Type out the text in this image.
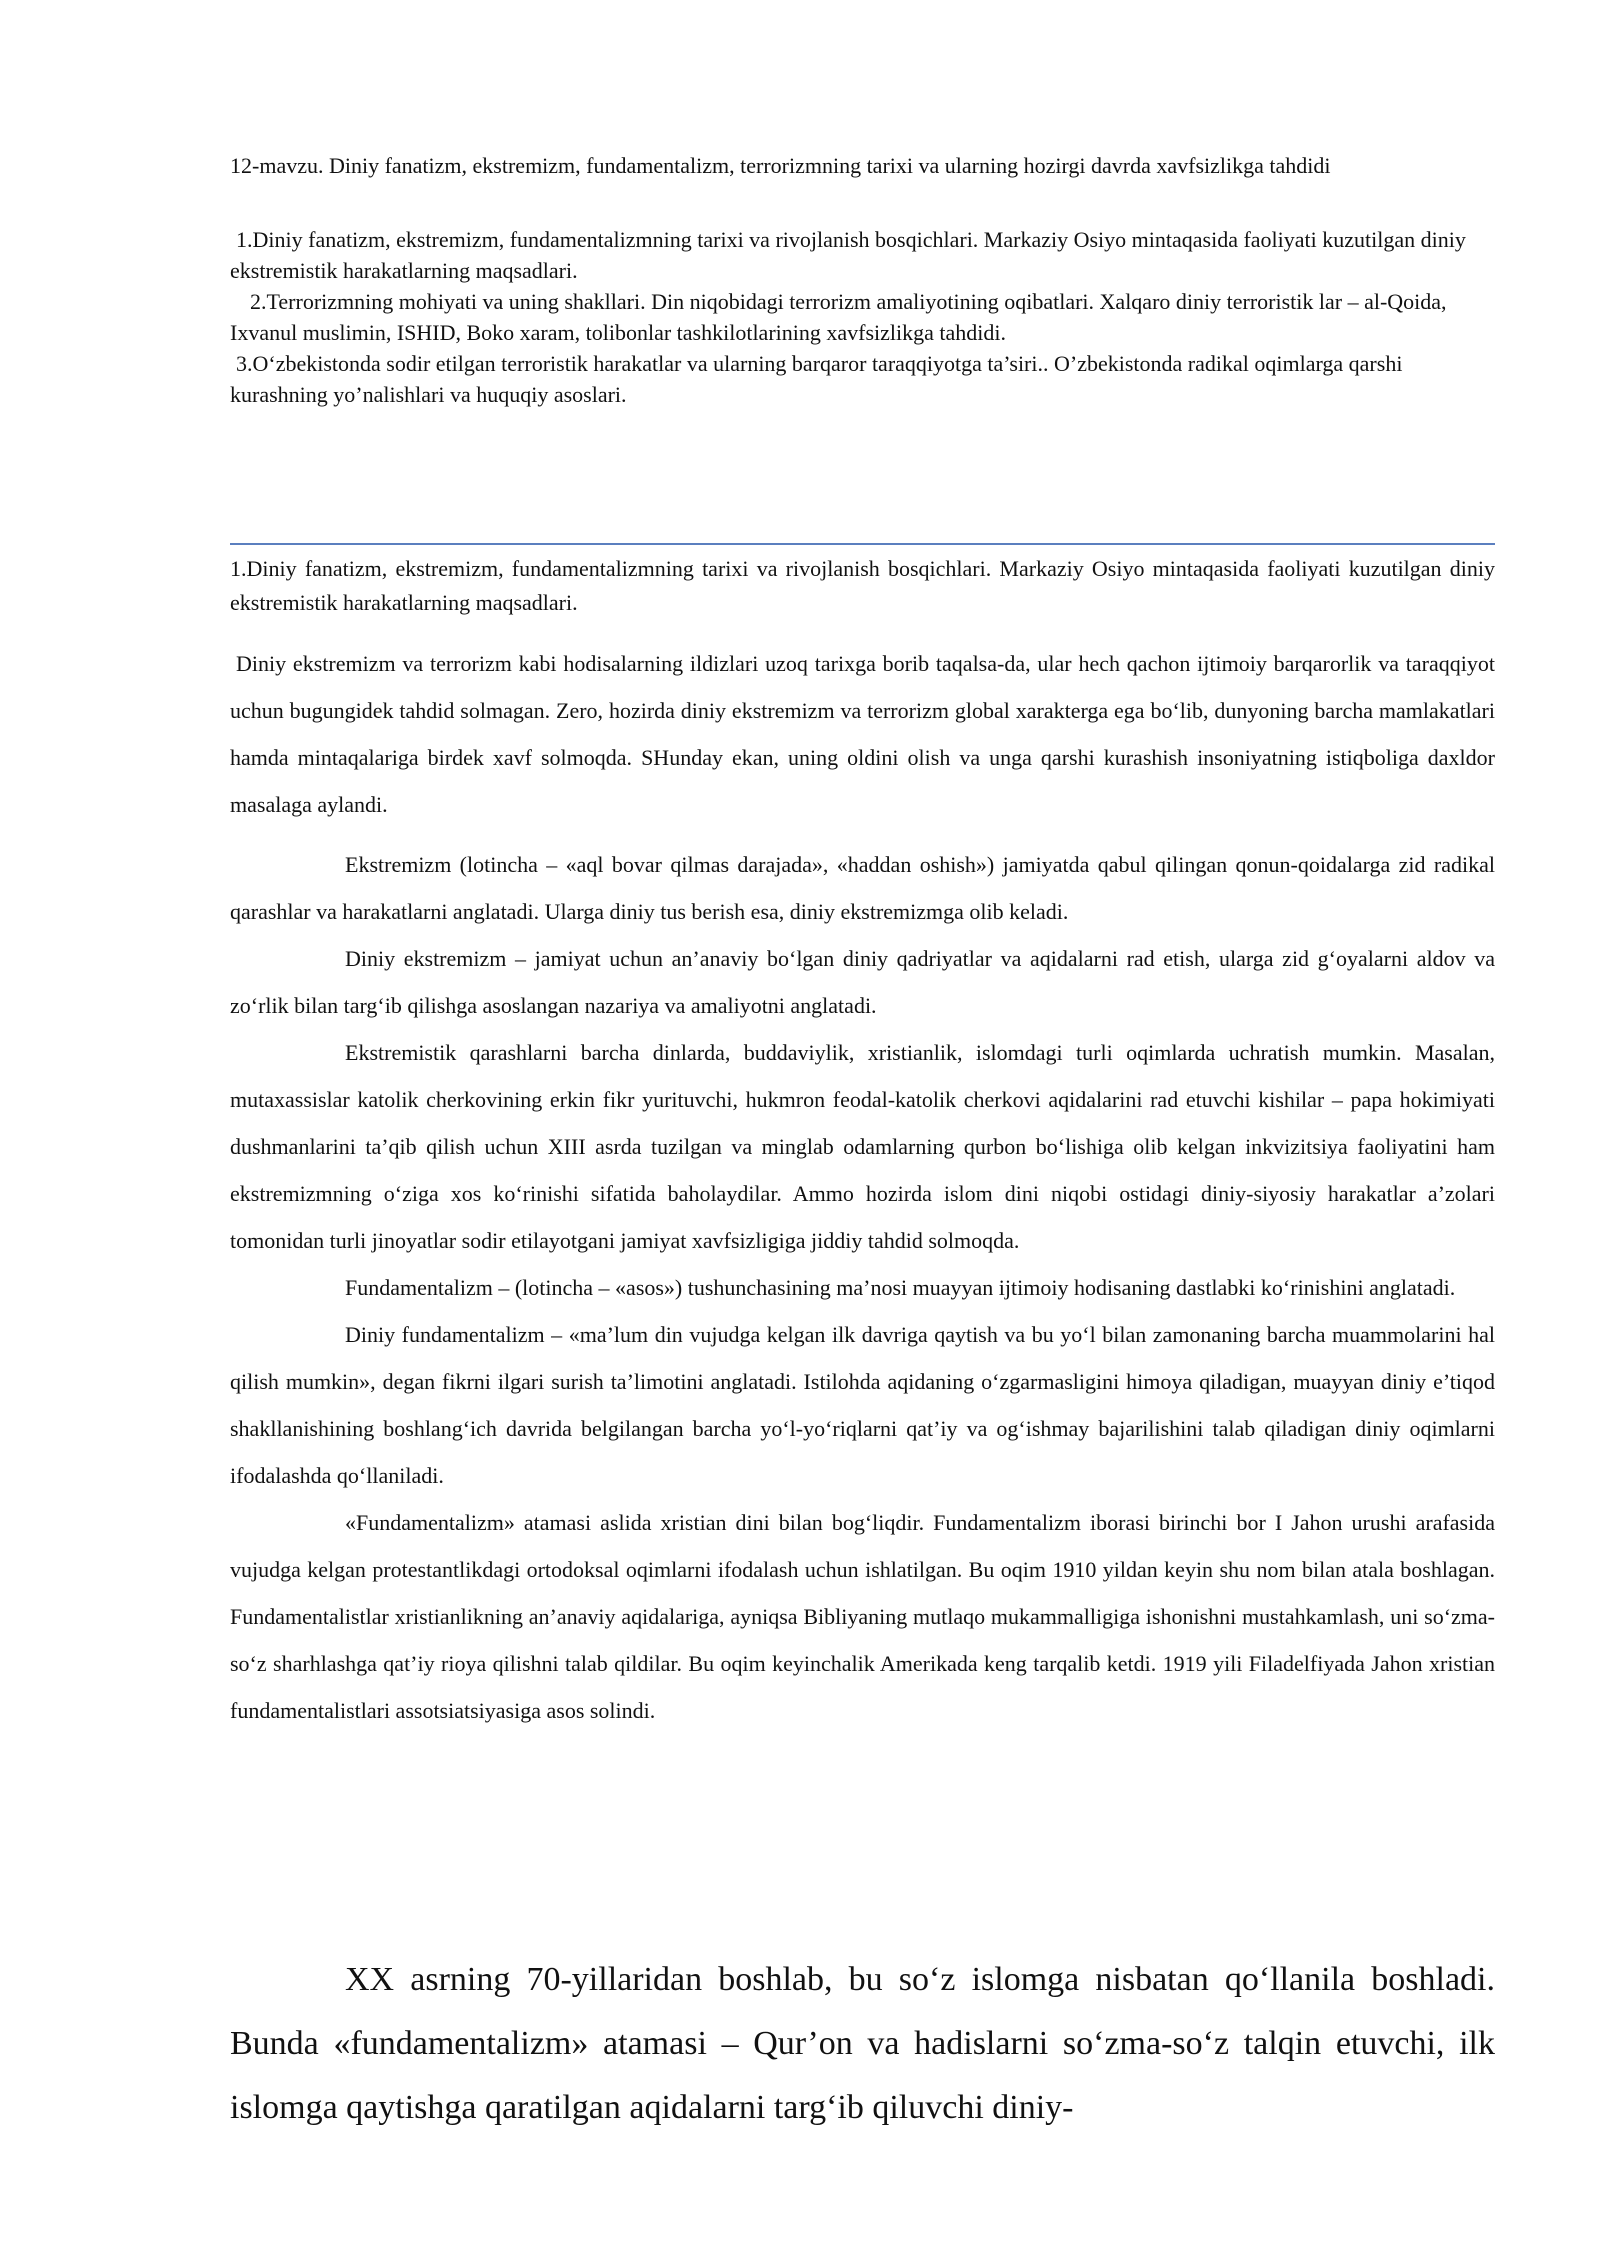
12-mavzu. Diniy fanatizm, ekstremizm, fundamentalizm, terrorizmning tarixi va ularning hozirgi davrda xavfsizlikga tahdidi

1.Diniy fanatizm, ekstremizm, fundamentalizmning tarixi va rivojlanish bosqichlari. Markaziy Osiyo mintaqasida faoliyati kuzutilgan diniy ekstremistik harakatlarning maqsadlari.

2.Terrorizmning mohiyati va uning shakllari. Din niqobidagi terrorizm amaliyotining oqibatlari. Xalqaro diniy terroristik lar – al-Qoida, Ixvanul muslimin, ISHID, Boko xaram, tolibonlar tashkilotlarining xavfsizlikga tahdidi.

3.O‘zbekistonda sodir etilgan terroristik harakatlar va ularning barqaror taraqqiyotga ta’siri.. O’zbekistonda radikal oqimlarga qarshi kurashning yo’nalishlari va huquqiy asoslari.

1.Diniy fanatizm, ekstremizm, fundamentalizmning tarixi va rivojlanish bosqichlari. Markaziy Osiyo mintaqasida faoliyati kuzutilgan diniy ekstremistik harakatlarning maqsadlari.

Diniy ekstremizm va terrorizm kabi hodisalarning ildizlari uzoq tarixga borib taqalsa-da, ular hech qachon ijtimoiy barqarorlik va taraqqiyot uchun bugungidek tahdid solmagan. Zero, hozirda diniy ekstremizm va terrorizm global xarakterga ega bo‘lib, dunyoning barcha mamlakatlari hamda mintaqalariga birdek xavf solmoqda. SHunday ekan, uning oldini olish va unga qarshi kurashish insoniyatning istiqboliga daxldor masalaga aylandi.

Ekstremizm (lotincha – «aql bovar qilmas darajada», «haddan oshish») jamiyatda qabul qilingan qonun-qoidalarga zid radikal qarashlar va harakatlarni anglatadi. Ularga diniy tus berish esa, diniy ekstremizmga olib keladi.

Diniy ekstremizm – jamiyat uchun an’anaviy bo‘lgan diniy qadriyatlar va aqidalarni rad etish, ularga zid g‘oyalarni aldov va zo‘rlik bilan targ‘ib qilishga asoslangan nazariya va amaliyotni anglatadi.

Ekstremistik qarashlarni barcha dinlarda, buddaviylik, xristianlik, islomdagi turli oqimlarda uchratish mumkin. Masalan, mutaxassislar katolik cherkovining erkin fikr yurituvchi, hukmron feodal-katolik cherkovi aqidalarini rad etuvchi kishilar – papa hokimiyati dushmanlarini ta’qib qilish uchun XIII asrda tuzilgan va minglab odamlarning qurbon bo‘lishiga olib kelgan inkvizitsiya faoliyatini ham ekstremizmning o‘ziga xos ko‘rinishi sifatida baholaydilar. Ammo hozirda islom dini niqobi ostidagi diniy-siyosiy harakatlar a’zolari tomonidan turli jinoyatlar sodir etilayotgani jamiyat xavfsizligiga jiddiy tahdid solmoqda.

Fundamentalizm – (lotincha – «asos») tushunchasining ma’nosi muayyan ijtimoiy hodisaning dastlabki ko‘rinishini anglatadi.

Diniy fundamentalizm – «ma’lum din vujudga kelgan ilk davriga qaytish va bu yo‘l bilan zamonaning barcha muammolarini hal qilish mumkin», degan fikrni ilgari surish ta’limotini anglatadi. Istilohda aqidaning o‘zgarmasligini himoya qiladigan, muayyan diniy e’tiqod shakllanishining boshlang‘ich davrida belgilangan barcha yo‘l-yo‘riqlarni qat’iy va og‘ishmay bajarilishini talab qiladigan diniy oqimlarni ifodalashda qo‘llaniladi.

«Fundamentalizm» atamasi aslida xristian dini bilan bog‘liqdir. Fundamentalizm iborasi birinchi bor I Jahon urushi arafasida vujudga kelgan protestantlikdagi ortodoksal oqimlarni ifodalash uchun ishlatilgan. Bu oqim 1910 yildan keyin shu nom bilan atala boshlagan. Fundamentalistlar xristianlikning an’anaviy aqidalariga, ayniqsa Bibliyaning mutlaqo mukammalligiga ishonishni mustahkamlash, uni so‘zma-so‘z sharhlashga qat’iy rioya qilishni talab qildilar. Bu oqim keyinchalik Amerikada keng tarqalib ketdi. 1919 yili Filadelfiyada Jahon xristian fundamentalistlari assotsiatsiyasiga asos solindi.

XX asrning 70-yillaridan boshlab, bu so‘z islomga nisbatan qo‘llanila boshladi. Bunda «fundamentalizm» atamasi – Qur’on va hadislarni so‘zma-so‘z talqin etuvchi, ilk islomga qaytishga qaratilgan aqidalarni targ‘ib qiluvchi diniy-
